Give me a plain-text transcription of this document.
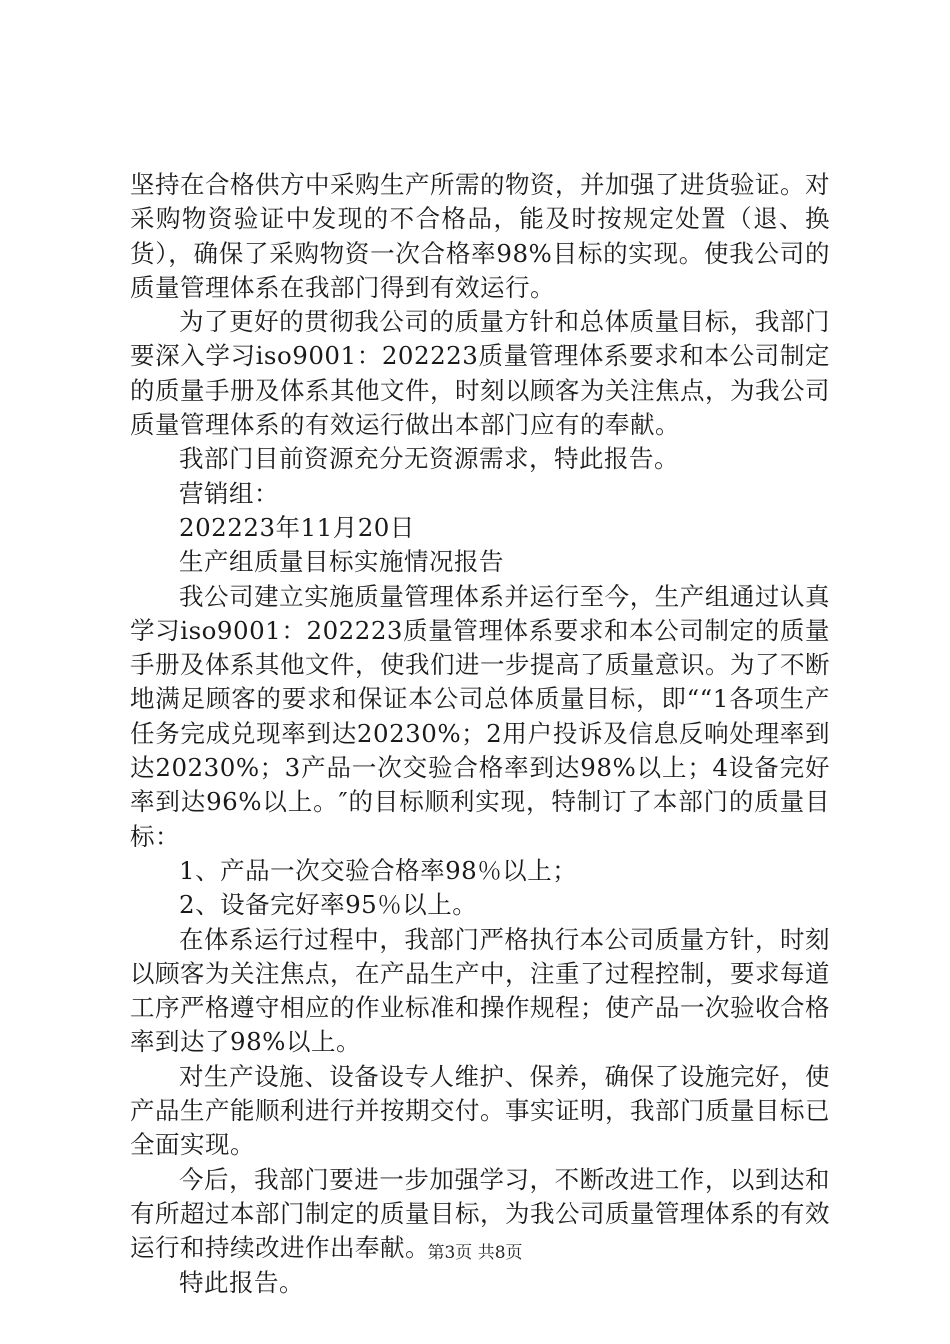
坚持在合格供方中采购生产所需的物资，并加强了进货验证。对采购物资验证中发现的不合格品，能及时按规定处置（退、换货），确保了采购物资一次合格率98%目标的实现。使我公司的质量管理体系在我部门得到有效运行。

为了更好的贯彻我公司的质量方针和总体质量目标，我部门要深入学习iso9001：202223质量管理体系要求和本公司制定的质量手册及体系其他文件，时刻以顾客为关注焦点，为我公司质量管理体系的有效运行做出本部门应有的奉献。

我部门目前资源充分无资源需求，特此报告。

营销组：

202223年11月20日

生产组质量目标实施情况报告

我公司建立实施质量管理体系并运行至今，生产组通过认真学习iso9001：202223质量管理体系要求和本公司制定的质量手册及体系其他文件，使我们进一步提高了质量意识。为了不断地满足顾客的要求和保证本公司总体质量目标，即““1各项生产任务完成兑现率到达20230%；2用户投诉及信息反响处理率到达20230%；3产品一次交验合格率到达98%以上；4设备完好率到达96%以上。″的目标顺利实现，特制订了本部门的质量目标：

1、产品一次交验合格率98％以上；

2、设备完好率95％以上。

在体系运行过程中，我部门严格执行本公司质量方针，时刻以顾客为关注焦点，在产品生产中，注重了过程控制，要求每道工序严格遵守相应的作业标准和操作规程；使产品一次验收合格率到达了98%以上。

对生产设施、设备设专人维护、保养，确保了设施完好，使产品生产能顺利进行并按期交付。事实证明，我部门质量目标已全面实现。

今后，我部门要进一步加强学习，不断改进工作，以到达和有所超过本部门制定的质量目标，为我公司质量管理体系的有效运行和持续改进作出奉献。

特此报告。

第3页 共8页
